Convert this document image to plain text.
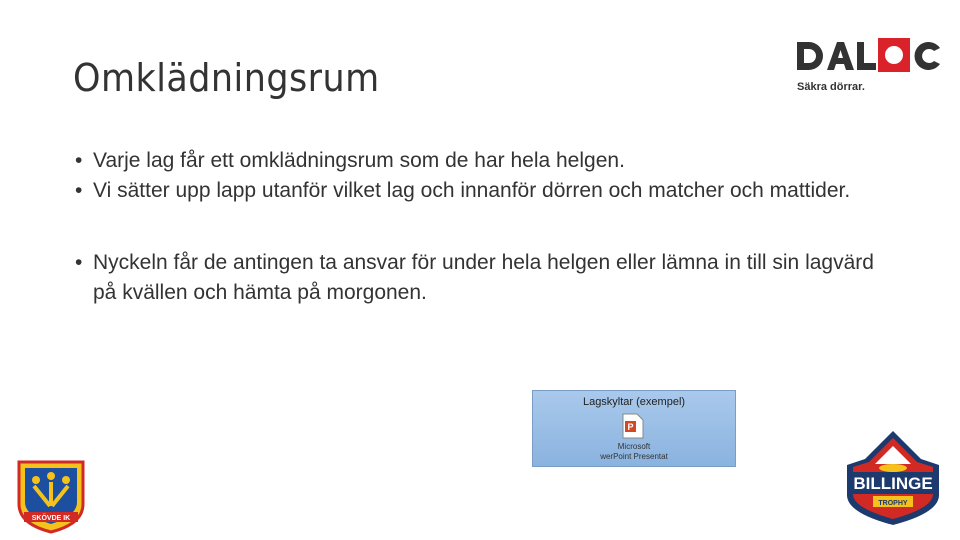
Omklädningsrum
• Varje lag får ett omklädningsrum som de har hela helgen.
• Vi sätter upp lapp utanför vilket lag och innanför dörren och matcher och mattider.
• Nyckeln får de antingen ta ansvar för under hela helgen eller lämna in till sin lagvärd på kvällen och hämta på morgonen.
Säkra dörrar.
Lagskyltar (exempel)
P
Microsoft
werPoint Presentat
SKÖVDE IK
BILLINGE
TROPHY
